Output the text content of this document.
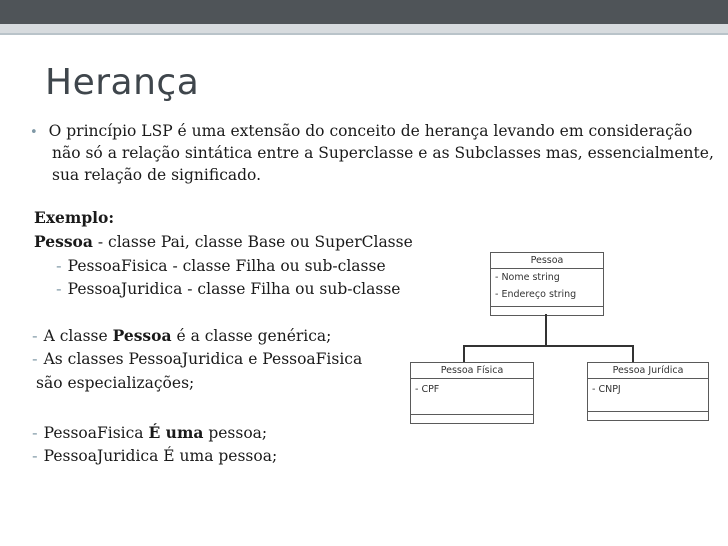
Herança
• O princípio LSP é uma extensão do conceito de herança levando em consideração
não só a relação sintática entre a Superclasse e as Subclasses mas, essencialmente,
sua relação de significado.
Exemplo:
Pessoa - classe Pai, classe Base ou SuperClasse
- PessoaFisica - classe Filha ou sub-classe
- PessoaJuridica - classe Filha ou sub-classe
- A classe Pessoa é a classe genérica;
- As classes PessoaJuridica e PessoaFisica
são especializações;
- PessoaFisica É uma pessoa;
- PessoaJuridica É uma pessoa;
Pessoa
- Nome string
- Endereço string
Pessoa Física
- CPF
Pessoa Jurídica
- CNPJ
